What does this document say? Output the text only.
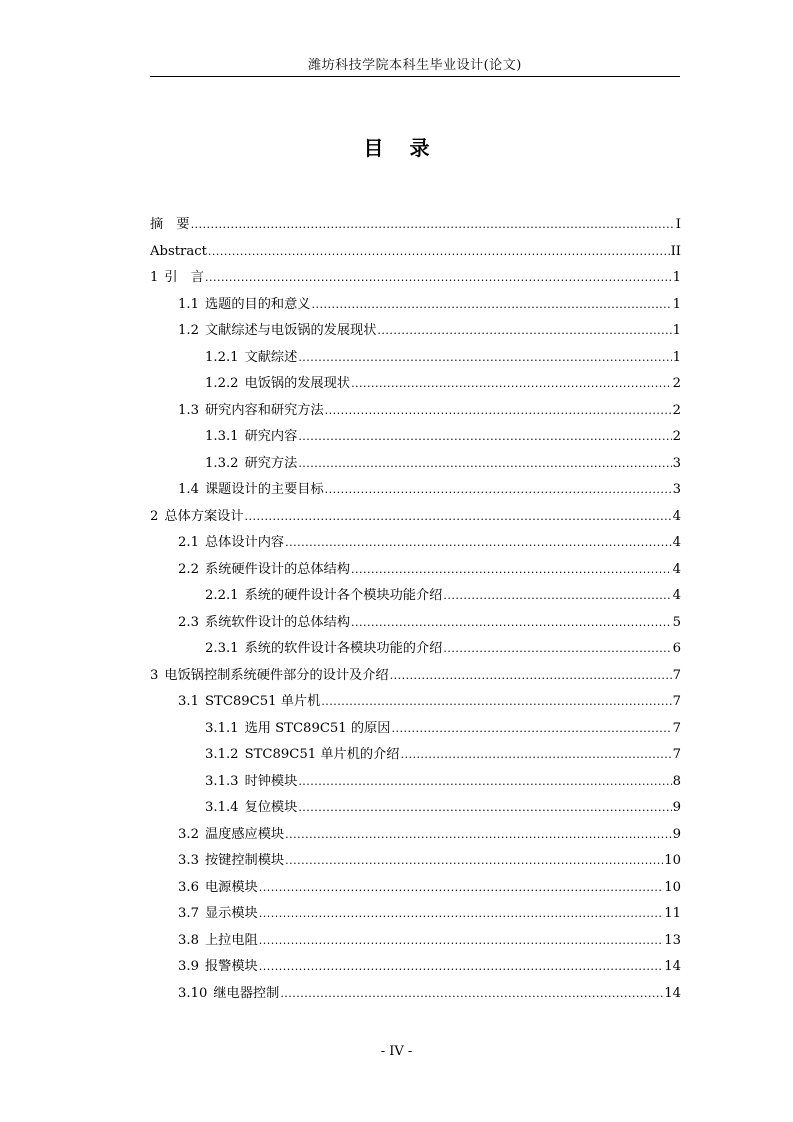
潍坊科技学院本科生毕业设计(论文)
目 录
摘　要 .....	I
Abstract .....	II
1 引　言 .....	1
1.1 选题的目的和意义 .....	1
1.2 文献综述与电饭锅的发展现状 .....	1
1.2.1 文献综述 .....	1
1.2.2 电饭锅的发展现状 .....	2
1.3 研究内容和研究方法 .....	2
1.3.1 研究内容 .....	2
1.3.2 研究方法 .....	3
1.4 课题设计的主要目标 .....	3
2 总体方案设计 .....	4
2.1 总体设计内容 .....	4
2.2 系统硬件设计的总体结构 .....	4
2.2.1 系统的硬件设计各个模块功能介绍 .....	4
2.3 系统软件设计的总体结构 .....	5
2.3.1 系统的软件设计各模块功能的介绍 .....	6
3 电饭锅控制系统硬件部分的设计及介绍 .....	7
3.1 STC89C51 单片机 .....	7
3.1.1 选用 STC89C51 的原因 .....	7
3.1.2 STC89C51 单片机的介绍 .....	7
3.1.3 时钟模块 .....	8
3.1.4 复位模块 .....	9
3.2 温度感应模块 .....	9
3.3 按键控制模块 .....	10
3.6 电源模块 .....	10
3.7 显示模块 .....	11
3.8 上拉电阻 .....	13
3.9 报警模块 .....	14
3.10 继电器控制 .....	14
- IV -
